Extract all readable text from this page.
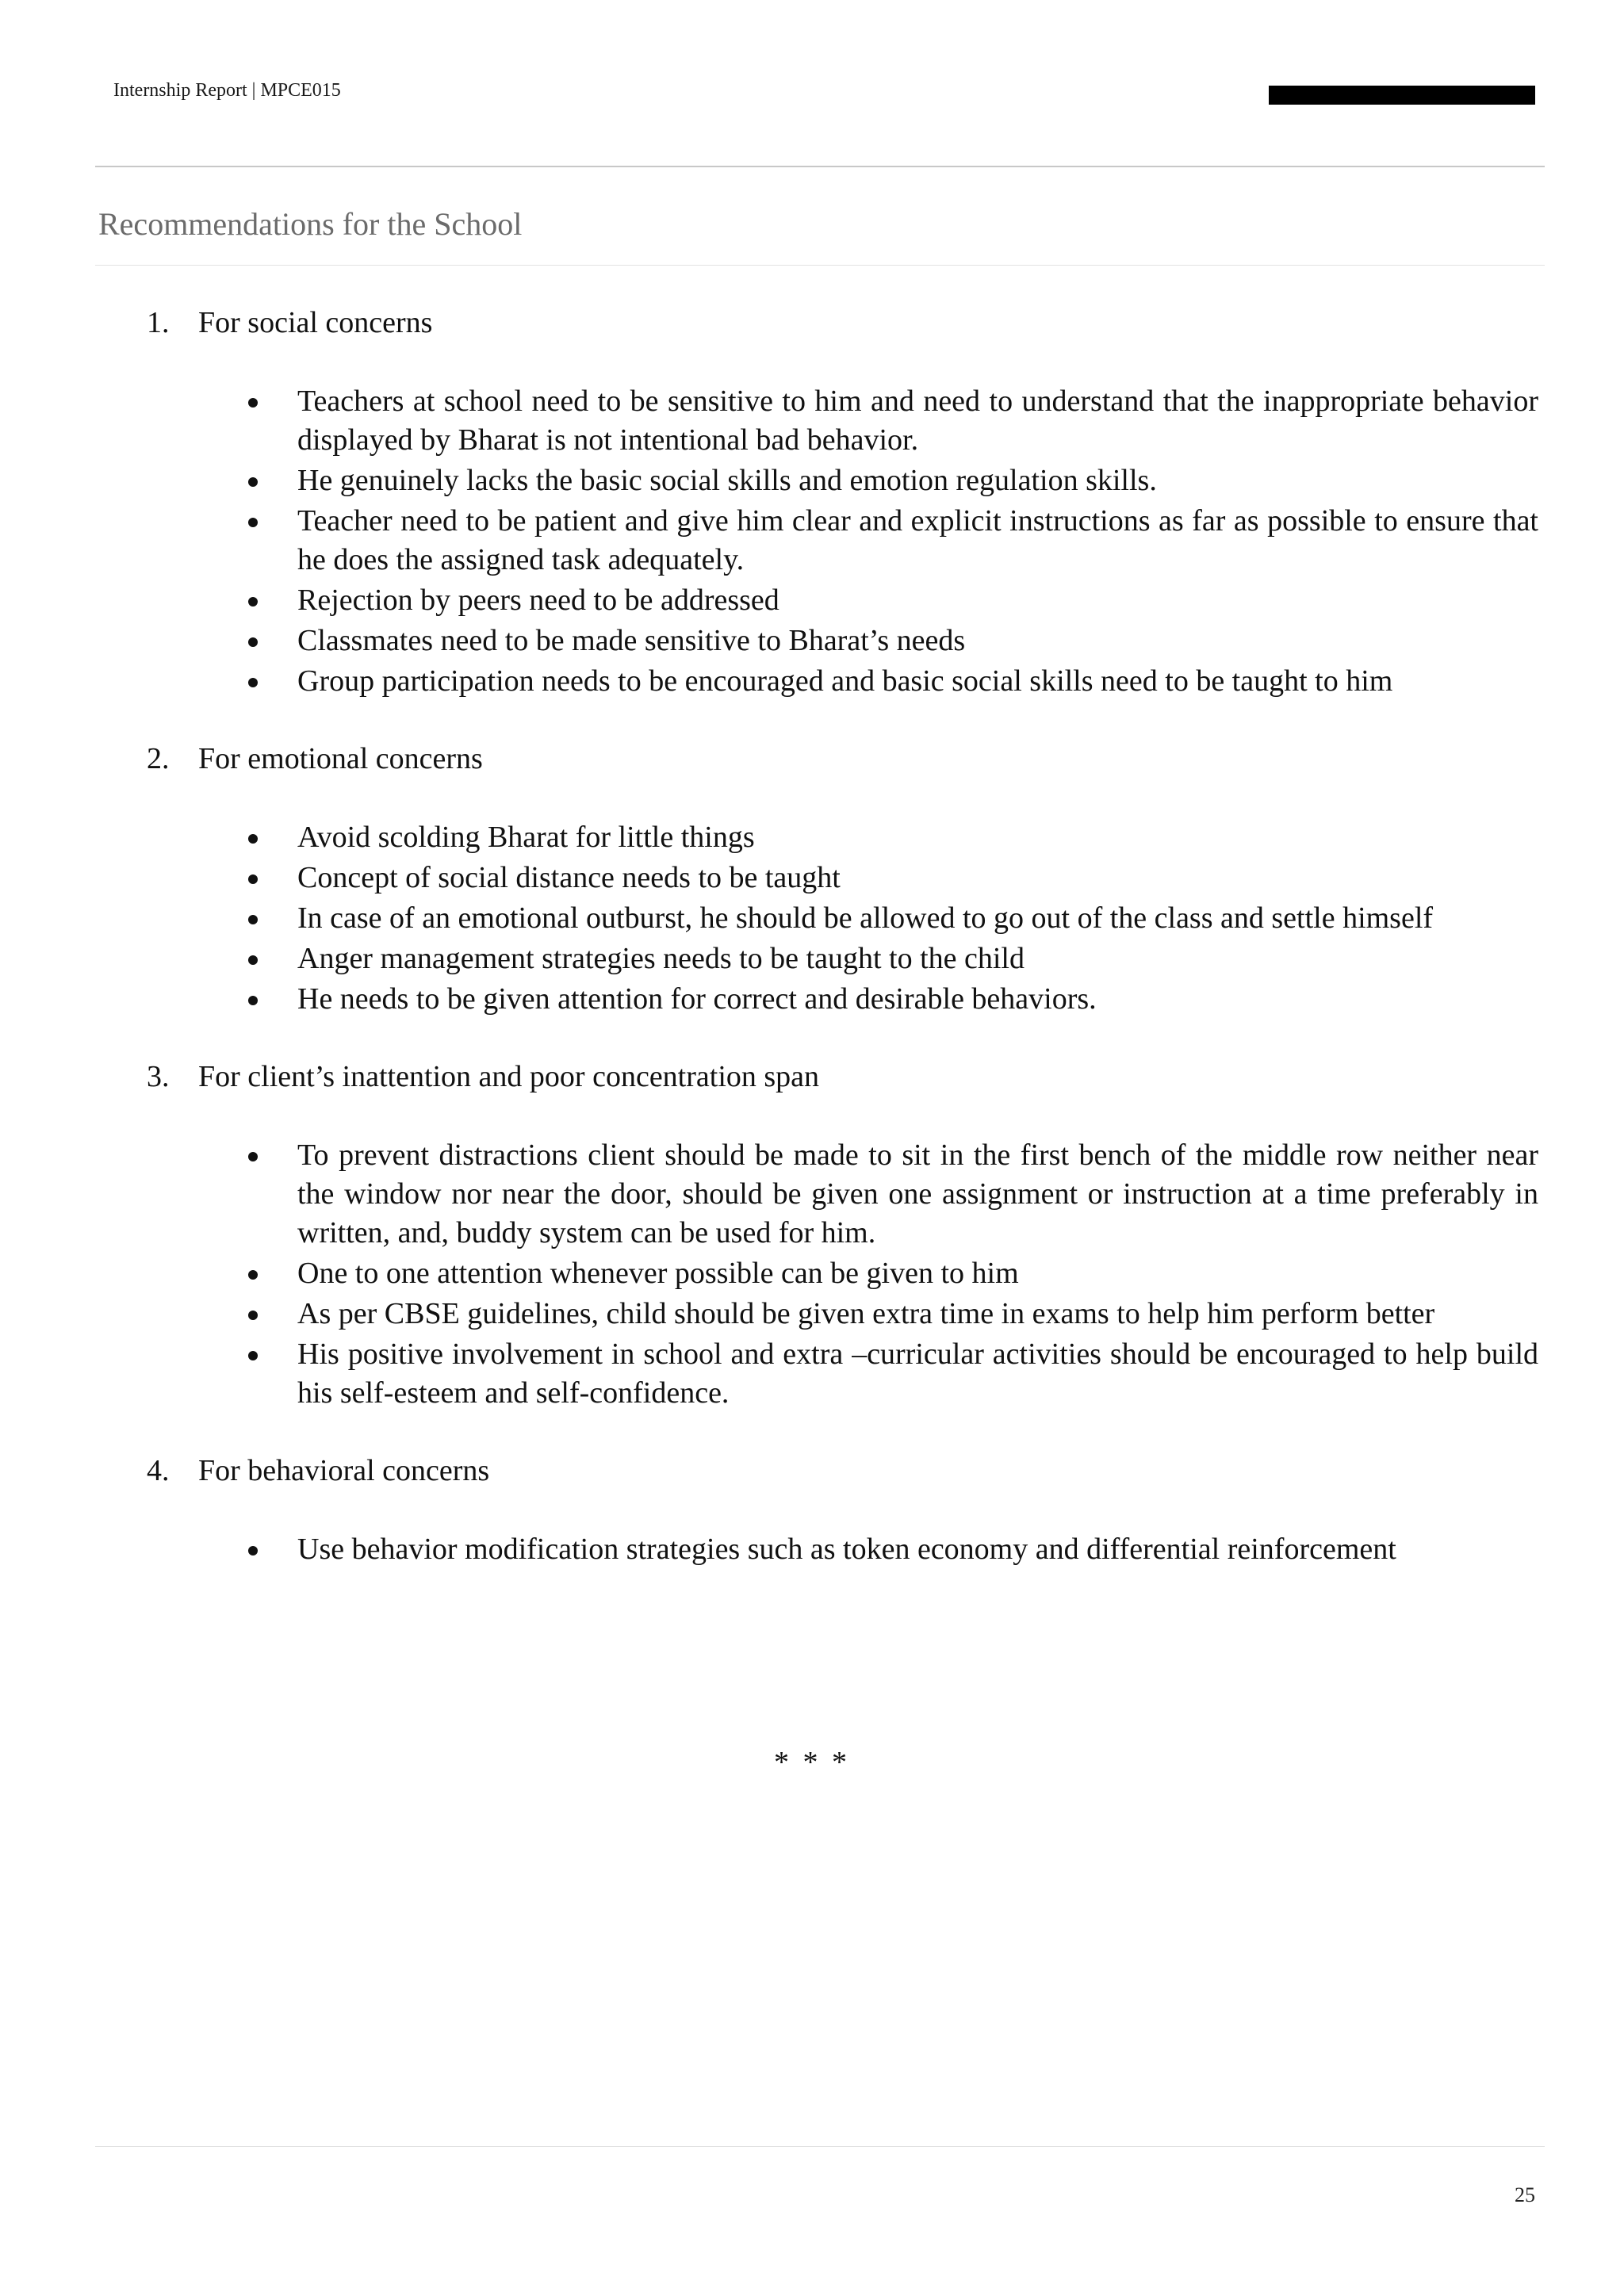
Internship Report | MPCE015

Recommendations for the School

1. For social concerns

Teachers at school need to be sensitive to him and need to understand that the inappropriate behavior displayed by Bharat is not intentional bad behavior.
He genuinely lacks the basic social skills and emotion regulation skills.
Teacher need to be patient and give him clear and explicit instructions as far as possible to ensure that he does the assigned task adequately.
Rejection by peers need to be addressed
Classmates need to be made sensitive to Bharat’s needs
Group participation needs to be encouraged and basic social skills need to be taught to him

2. For emotional concerns

Avoid scolding Bharat for little things
Concept of social distance needs to be taught
In case of an emotional outburst, he should be allowed to go out of the class and settle himself
Anger management strategies needs to be taught to the child
He needs to be given attention for correct and desirable behaviors.

3. For client’s inattention and poor concentration span

To prevent distractions client should be made to sit in the first bench of the middle row neither near the window nor near the door, should be given one assignment or instruction at a time preferably in written, and, buddy system can be used for him.
One to one attention whenever possible can be given to him
As per CBSE guidelines, child should be given extra time in exams to help him perform better
His positive involvement in school and extra –curricular activities should be encouraged to help build his self-esteem and self-confidence.

4. For behavioral concerns

Use behavior modification strategies such as token economy and differential reinforcement

* * *

25
